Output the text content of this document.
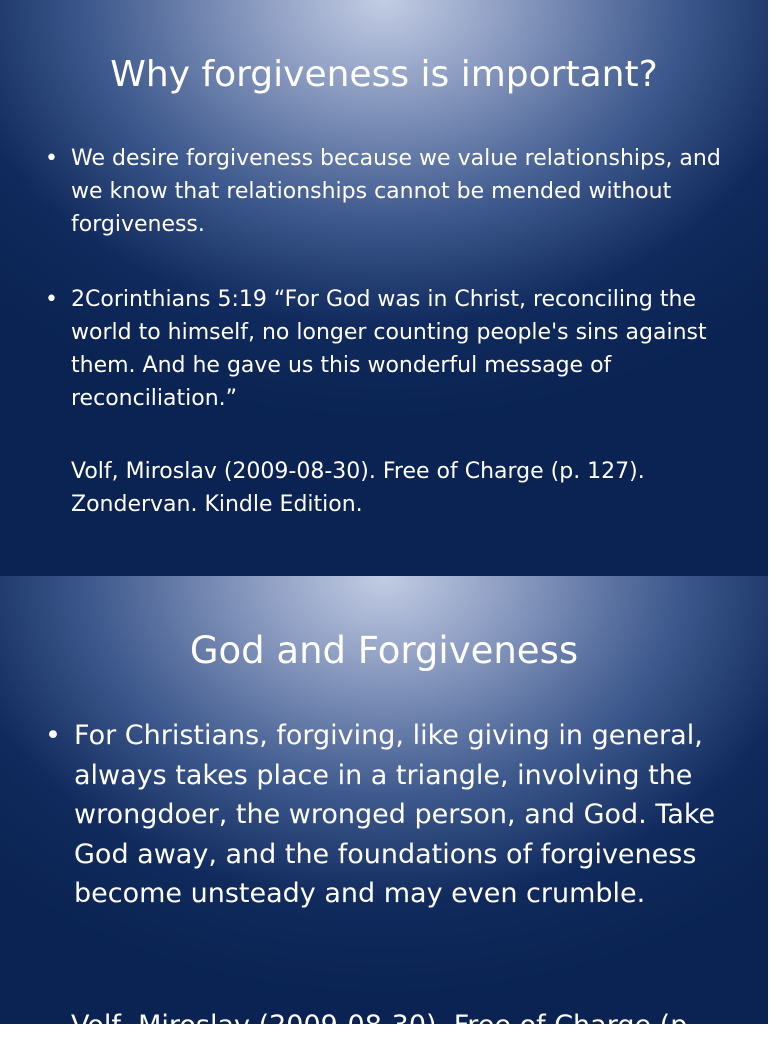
Why forgiveness is important?
• We desire forgiveness because we value relationships, and we know that relationships cannot be mended without forgiveness.
• 2Corinthians 5:19 “For God was in Christ, reconciling the world to himself, no longer counting people's sins against them. And he gave us this wonderful message of reconciliation.”
Volf, Miroslav (2009-08-30). Free of Charge (p. 127). Zondervan. Kindle Edition.
God and Forgiveness
• For Christians, forgiving, like giving in general, always takes place in a triangle, involving the wrongdoer, the wronged person, and God. Take God away, and the foundations of forgiveness become unsteady and may even crumble.
Volf, Miroslav (2009-08-30). Free of Charge (p.
